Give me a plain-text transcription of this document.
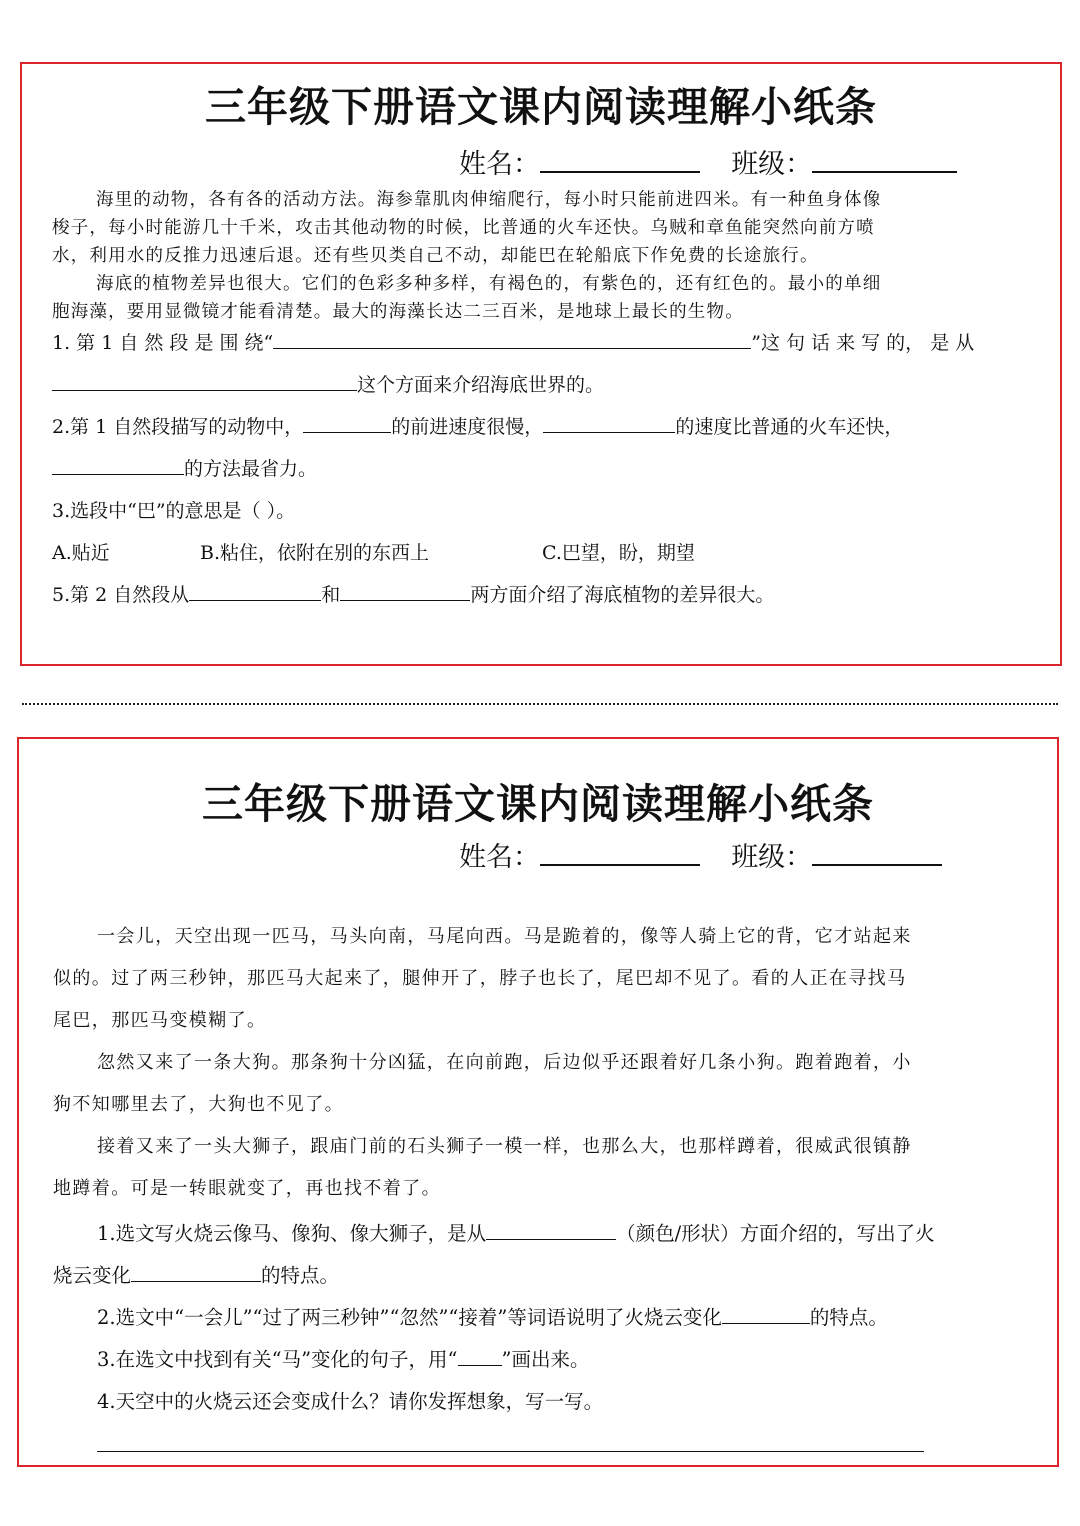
三年级下册语文课内阅读理解小纸条
姓名：	班级：
海里的动物，各有各的活动方法。海参靠肌肉伸缩爬行，每小时只能前进四米。有一种鱼身体像
梭子，每小时能游几十千米，攻击其他动物的时候，比普通的火车还快。乌贼和章鱼能突然向前方喷
水，利用水的反推力迅速后退。还有些贝类自己不动，却能巴在轮船底下作免费的长途旅行。
海底的植物差异也很大。它们的色彩多种多样，有褐色的，有紫色的，还有红色的。最小的单细
胞海藻，要用显微镜才能看清楚。最大的海藻长达二三百米，是地球上最长的生物。
1. 第 1 自 然 段 是 围 绕“	”这 句 话 来 写 的， 是 从
这个方面来介绍海底世界的。
2.第 1 自然段描写的动物中，	的前进速度很慢，	的速度比普通的火车还快，
的方法最省力。
3.选段中“巴”的意思是（ ）。
A.贴近	B.粘住，依附在别的东西上	C.巴望，盼，期望
5.第 2 自然段从	和	两方面介绍了海底植物的差异很大。
三年级下册语文课内阅读理解小纸条
姓名：	班级：
一会儿，天空出现一匹马，马头向南，马尾向西。马是跪着的，像等人骑上它的背，它才站起来
似的。过了两三秒钟，那匹马大起来了，腿伸开了，脖子也长了，尾巴却不见了。看的人正在寻找马
尾巴，那匹马变模糊了。
忽然又来了一条大狗。那条狗十分凶猛，在向前跑，后边似乎还跟着好几条小狗。跑着跑着，小
狗不知哪里去了，大狗也不见了。
接着又来了一头大狮子，跟庙门前的石头狮子一模一样，也那么大，也那样蹲着，很威武很镇静
地蹲着。可是一转眼就变了，再也找不着了。
1.选文写火烧云像马、像狗、像大狮子，是从	（颜色/形状）方面介绍的，写出了火
烧云变化	的特点。
2.选文中“一会儿”“过了两三秒钟”“忽然”“接着”等词语说明了火烧云变化	的特点。
3.在选文中找到有关“马”变化的句子，用“ ”画出来。
4.天空中的火烧云还会变成什么？请你发挥想象，写一写。
